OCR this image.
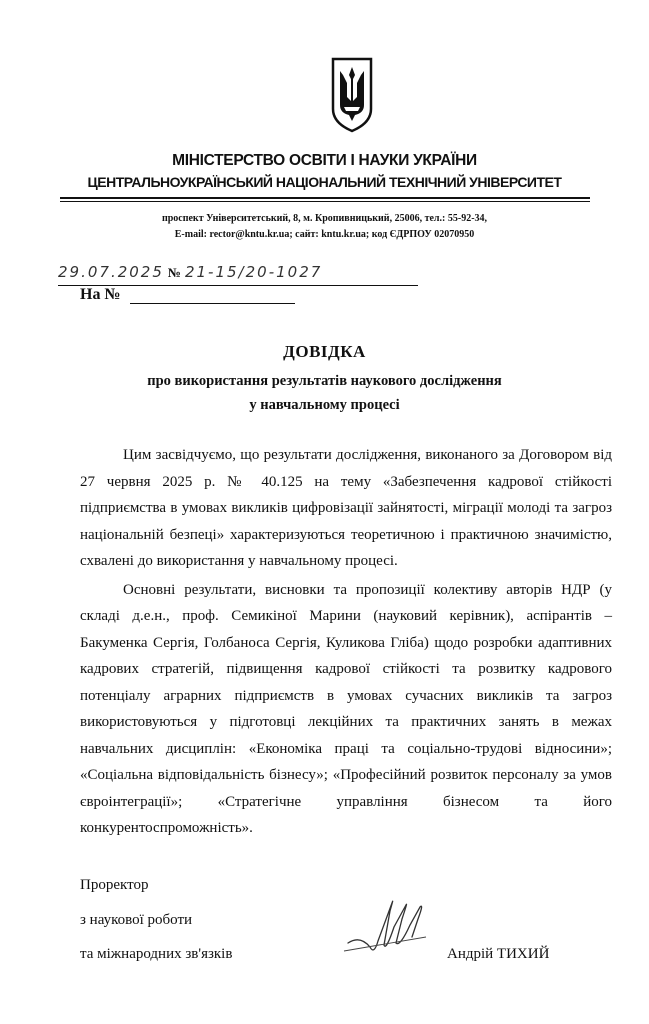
МІНІСТЕРСТВО ОСВІТИ І НАУКИ УКРАЇНИ
ЦЕНТРАЛЬНОУКРАЇНСЬКИЙ НАЦІОНАЛЬНИЙ ТЕХНІЧНИЙ УНІВЕРСИТЕТ
проспект Університетський, 8, м. Кропивницький, 25006, тел.: 55-92-34,
E-mail: rector@kntu.kr.ua; сайт: kntu.kr.ua; код ЄДРПОУ 02070950
29.07.2025 № 21-15/20-1027
На №
ДОВІДКА
про використання результатів наукового дослідження
у навчальному процесі

Цим засвідчуємо, що результати дослідження, виконаного за Договором від 27 червня 2025 р. № 40.125 на тему «Забезпечення кадрової стійкості підприємства в умовах викликів цифровізації зайнятості, міграції молоді та загроз національній безпеці» характеризуються теоретичною і практичною значимістю, схвалені до використання у навчальному процесі.

Основні результати, висновки та пропозиції колективу авторів НДР (у складі д.е.н., проф. Семикіної Марини (науковий керівник), аспірантів – Бакуменка Сергія, Голбаноса Сергія, Куликова Гліба) щодо розробки адаптивних кадрових стратегій, підвищення кадрової стійкості та розвитку кадрового потенціалу аграрних підприємств в умовах сучасних викликів та загроз використовуються у підготовці лекційних та практичних занять в межах навчальних дисциплін: «Економіка праці та соціально-трудові відносини»; «Соціальна відповідальність бізнесу»; «Професійний розвиток персоналу за умов євроінтеграції»; «Стратегічне управління бізнесом та його конкурентоспроможність».

Проректор
з наукової роботи
та міжнародних зв'язків	Андрій ТИХИЙ
